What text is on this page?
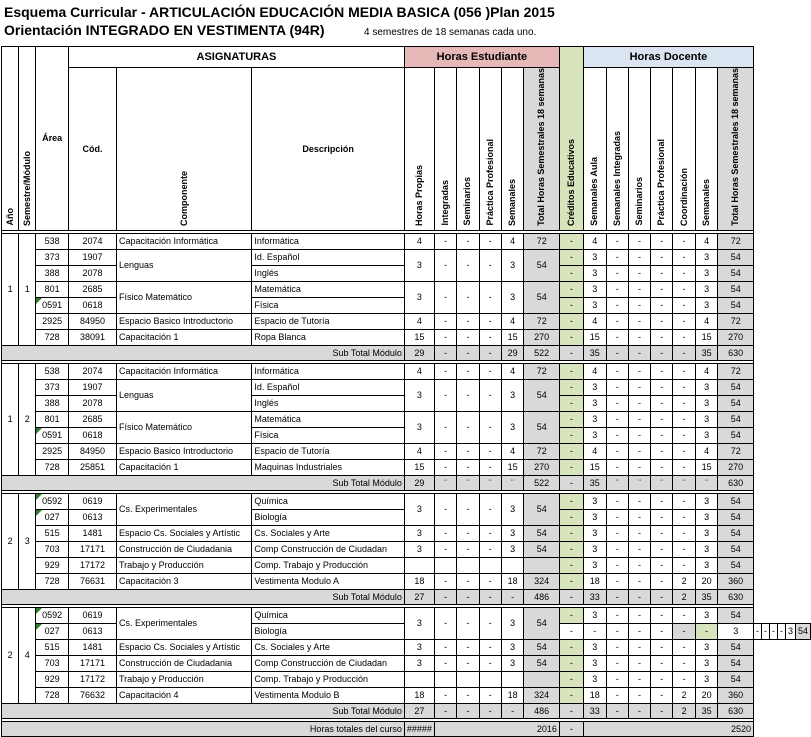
Esquema Curricular - ARTICULACIÓN EDUCACIÓN MEDIA BASICA (056 )Plan 2015
Orientación INTEGRADO EN VESTIMENTA (94R)	4 semestres de 18 semanas cada uno.
Año	Semestre/Módulo	Área	ASIGNATURAS			Horas Estudiante						Créditos Educativos	Horas Docente												
			Cód.	Componente	Descripción	Horas Propias	Integradas	Seminarios	Práctica Profesional	Semanales	Total Horas Semestrales 18 semanas		Semanales Aula	Semanales Integradas	Seminarios	Práctica Profesional	Coordinación	Semanales	Total Horas Semestrales 18 semanas						

1	1	538	2074	Capacitación Informática	Informática	4	-	-	-	4	72	-	4	-	-	-	-	4	72						
		373	1907	Lenguas	Id. Español	3	-	-	-	3	54	-	3	-	-	-	-	3	54						
		388	2078		Inglés							-	3	-	-	-	-	3	54						
		801	2685	Físico Matemático	Matemática	3	-	-	-	3	54	-	3	-	-	-	-	3	54						
		0591	0618		Física							-	3	-	-	-	-	3	54						
		2925	84950	Espacio Basico Introductorio	Espacio de Tutoría	4	-	-	-	4	72	-	4	-	-	-	-	4	72						
		728	38091	Capacitación 1	Ropa Blanca	15	-	-	-	15	270	-	15	-	-	-	-	15	270						
Sub Total Módulo						29	-	-	-	29	522	-	35	-	-	-	-	35	630						

1	2	538	2074	Capacitación Informática	Informática	4	-	-	-	4	72	-	4	-	-	-	-	4	72						
		373	1907	Lenguas	Id. Español	3	-	-	-	3	54	-	3	-	-	-	-	3	54						
		388	2078		Inglés							-	3	-	-	-	-	3	54						
		801	2685	Físico Matemático	Matemática	3	-	-	-	3	54	-	3	-	-	-	-	3	54						
		0591	0618		Física							-	3	-	-	-	-	3	54						
		2925	84950	Espacio Basico Introductorio	Espacio de Tutoría	4	-	-	-	4	72	-	4	-	-	-	-	4	72						
		728	25851	Capacitación 1	Maquinas Industriales	15	-	-	-	15	270	-	15	-	-	-	-	15	270						
Sub Total Módulo						29	¨	¨	¨	¨	522	-	35	¨	¨	¨	¨	¨	630						

2	3	0592	0619	Cs. Experimentales	Química	3	-	-	-	3	54	-	3	-	-	-	-	3	54						
		027	0613		Biología							-	3	-	-	-	-	3	54						
		515	1481	Espacio Cs. Sociales y Artístic	Cs. Sociales y Arte	3	-	-	-	3	54	-	3	-	-	-	-	3	54						
		703	17171	Construcción de Ciudadania	Comp Construcción de Ciudadan	3	-	-	-	3	54	-	3	-	-	-	-	3	54						
		929	17172	Trabajo y Producción	Comp. Trabajo y Producción							-	3	-	-	-	-	3	54						
		728	76631	Capacitación 3	Vestimenta Modulo A	18	-	-	-	18	324	-	18	-	-	-	2	20	360						
Sub Total Módulo						27	-	-	-	-	486	-	33	-	-	-	2	35	630						

2	4	0592	0619	Cs. Experimentales	Química	3	-	-	-	3	54	-	3	-	-	-	-	3	54						
		027	0613		Biología							-	-	-	-	-	-	-	3	-	-	-	-	3	54
		515	1481	Espacio Cs. Sociales y Artístic	Cs. Sociales y Arte	3	-	-	-	3	54	-	3	-	-	-	-	3	54						
		703	17171	Construcción de Ciudadania	Comp Construcción de Ciudadan	3	-	-	-	3	54	-	3	-	-	-	-	3	54						
		929	17172	Trabajo y Producción	Comp. Trabajo y Producción							-	3	-	-	-	-	3	54						
		728	76632	Capacitación 4	Vestimenta Modulo B	18	-	-	-	18	324	-	18	-	-	-	2	20	360						
Sub Total Módulo						27	-	-	-	-	486	-	33	-	-	-	2	35	630						

Horas totales del curso						#####	2016					-	2520												
